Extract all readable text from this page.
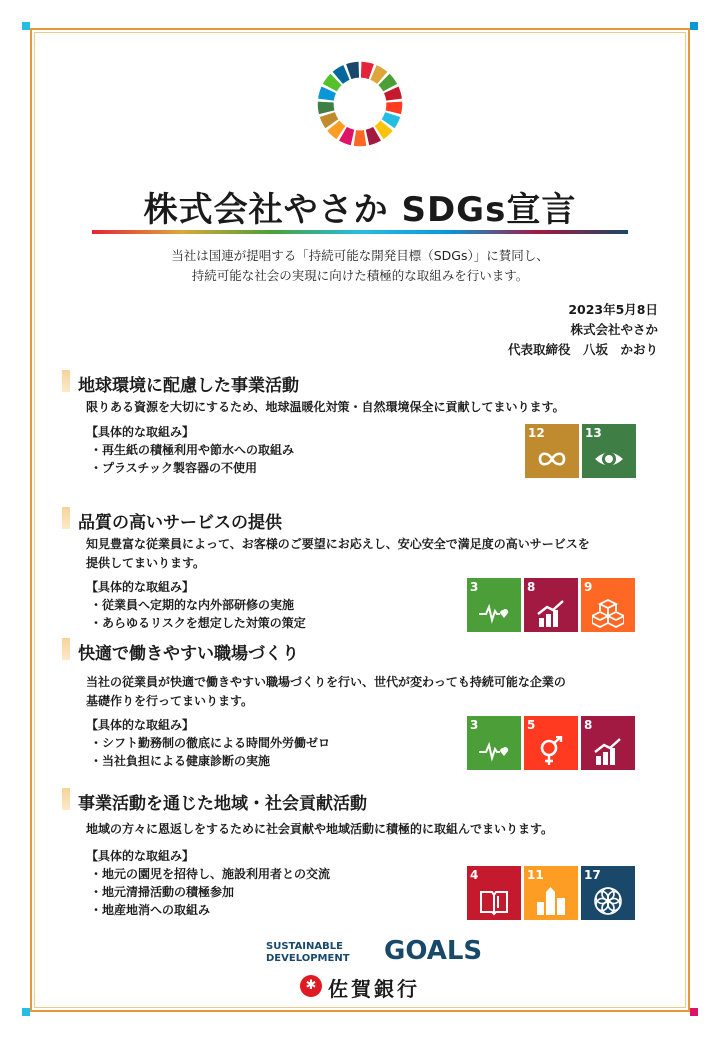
株式会社やさか SDGs宣言
当社は国連が提唱する「持続可能な開発目標（SDGs）」に賛同し、
持続可能な社会の実現に向けた積極的な取組みを行います。
2023年5月8日
株式会社やさか
代表取締役　八坂　かおり
地球環境に配慮した事業活動
限りある資源を大切にするため、地球温暖化対策・自然環境保全に貢献してまいります。
【具体的な取組み】
・再生紙の積極利用や節水への取組み
・プラスチック製容器の不使用
12	13
品質の高いサービスの提供
知見豊富な従業員によって、お客様のご要望にお応えし、安心安全で満足度の高いサービスを
提供してまいります。
【具体的な取組み】
・従業員へ定期的な内外部研修の実施
・あらゆるリスクを想定した対策の策定
3	8	9
快適で働きやすい職場づくり
当社の従業員が快適で働きやすい職場づくりを行い、世代が変わっても持続可能な企業の
基礎作りを行ってまいります。
【具体的な取組み】
・シフト勤務制の徹底による時間外労働ゼロ
・当社負担による健康診断の実施
3	5	8
事業活動を通じた地域・社会貢献活動
地域の方々に恩返しをするために社会貢献や地域活動に積極的に取組んでまいります。
【具体的な取組み】
・地元の園児を招待し、施設利用者との交流
・地元清掃活動の積極参加
・地産地消への取組み
4	11	17
SUSTAINABLE
DEVELOPMENT GOALS
✱ 佐賀銀行
